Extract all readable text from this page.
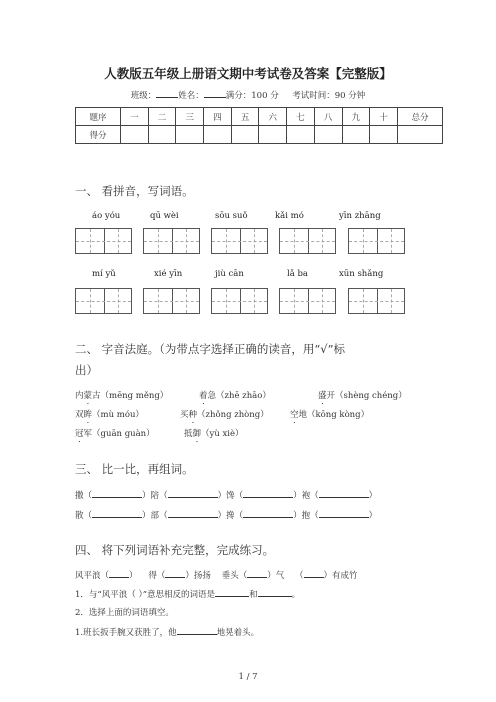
人教版五年级上册语文期中考试卷及答案【完整版】
班级：	姓名：	满分：100 分 考试时间：90 分钟
题序	一	二	三	四	五	六	七	八	九	十	总分
得分											
一、 看拼音，写词语。
áo yóu	qū wèi	sōu suǒ	kǎi mó	yīn zhāng
mí yǔ	xié yīn	jiù cān	lǎ ba	xūn shǎng
二、 字音法庭。（为带点字选择正确的读音，用“√”标
出）
内蒙古（mēng měng）	着急（zhē zhāo）	盛开（shèng chéng）
双眸（mù móu）	买种（zhǒng zhòng）	空地（kōng kòng）
冠军（guān guàn）	抵御（yù xiè）
三、 比一比，再组词。
撒（	）陪（	）馋（	）袍（	）
散（	）部（	）搀（	）抱（	）
四、 将下列词语补充完整，完成练习。
风平浪（ ） 得（ ）扬扬 垂头（ ）气 （ ）有成竹
1．与“风平浪（ ）”意思相反的词语是	和	。
2．选择上面的词语填空。
1.班长扳手腕又获胜了，他	地晃着头。
1 / 7
